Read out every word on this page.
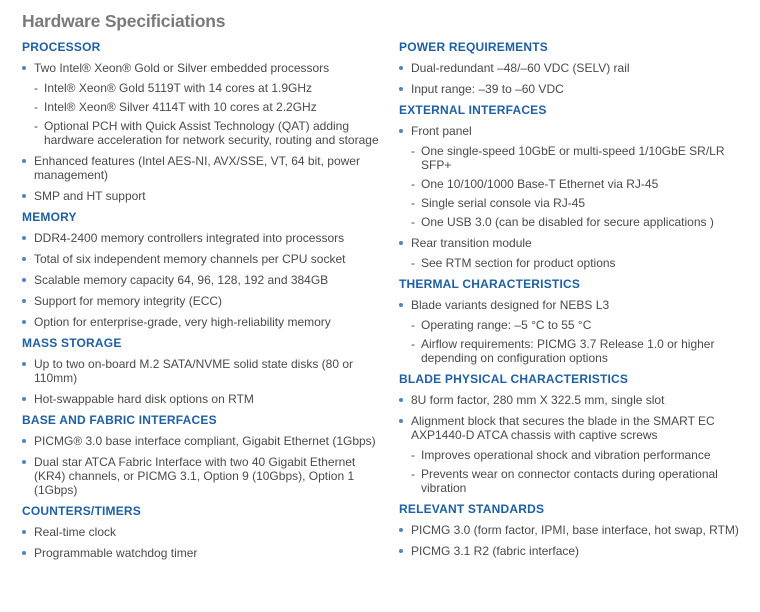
Hardware Specificiations
PROCESSOR
Two Intel® Xeon® Gold or Silver embedded processors
- Intel® Xeon® Gold 5119T with 14 cores at 1.9GHz
- Intel® Xeon® Silver 4114T with 10 cores at 2.2GHz
- Optional PCH with Quick Assist Technology (QAT) adding hardware acceleration for network security, routing and storage
Enhanced features (Intel AES-NI, AVX/SSE, VT, 64 bit, power management)
SMP and HT support
MEMORY
DDR4-2400 memory controllers integrated into processors
Total of six independent memory channels per CPU socket
Scalable memory capacity 64, 96, 128, 192 and 384GB
Support for memory integrity (ECC)
Option for enterprise-grade, very high-reliability memory
MASS STORAGE
Up to two on-board M.2 SATA/NVME solid state disks (80 or 110mm)
Hot-swappable hard disk options on RTM
BASE AND FABRIC INTERFACES
PICMG® 3.0 base interface compliant, Gigabit Ethernet (1Gbps)
Dual star ATCA Fabric Interface with two 40 Gigabit Ethernet (KR4) channels, or PICMG 3.1, Option 9 (10Gbps), Option 1 (1Gbps)
COUNTERS/TIMERS
Real-time clock
Programmable watchdog timer
POWER REQUIREMENTS
Dual-redundant –48/–60 VDC (SELV) rail
Input range: –39 to –60 VDC
EXTERNAL INTERFACES
Front panel
- One single-speed 10GbE or multi-speed 1/10GbE SR/LR SFP+
- One 10/100/1000 Base-T Ethernet via RJ-45
- Single serial console via RJ-45
- One USB 3.0 (can be disabled for secure applications )
Rear transition module
- See RTM section for product options
THERMAL CHARACTERISTICS
Blade variants designed for NEBS L3
- Operating range: –5 °C to 55 °C
- Airflow requirements: PICMG 3.7 Release 1.0 or higher depending on configuration options
BLADE PHYSICAL CHARACTERISTICS
8U form factor, 280 mm X 322.5 mm, single slot
Alignment block that secures the blade in the SMART EC AXP1440-D ATCA chassis with captive screws
- Improves operational shock and vibration performance
- Prevents wear on connector contacts during operational vibration
RELEVANT STANDARDS
PICMG 3.0 (form factor, IPMI, base interface, hot swap, RTM)
PICMG 3.1 R2 (fabric interface)
